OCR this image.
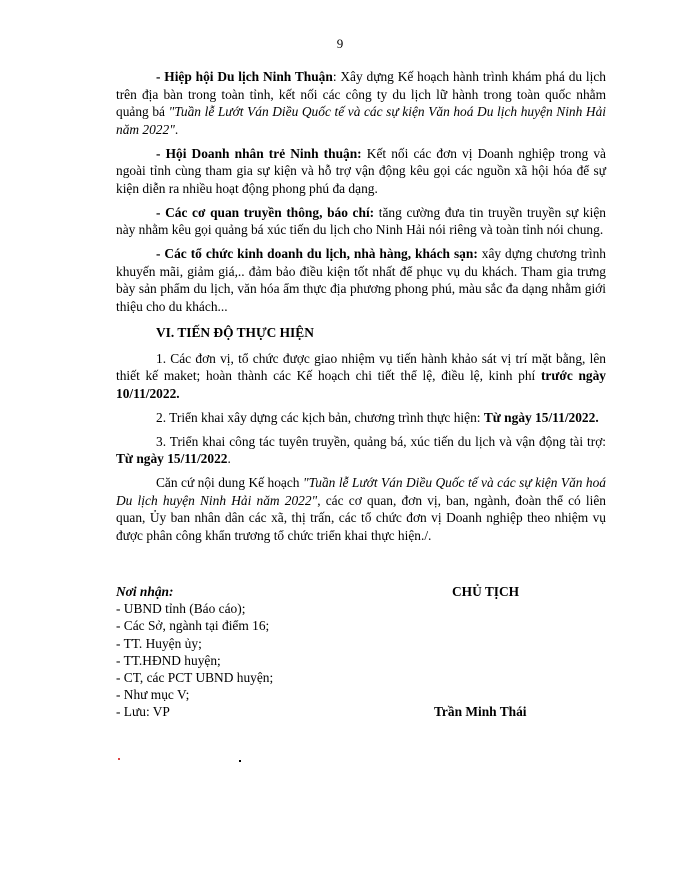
9

- Hiệp hội Du lịch Ninh Thuận: Xây dựng Kế hoạch hành trình khám phá du lịch trên địa bàn trong toàn tỉnh, kết nối các công ty du lịch lữ hành trong toàn quốc nhằm quảng bá "Tuần lễ Lướt Ván Diều Quốc tế và các sự kiện Văn hoá Du lịch huyện Ninh Hải năm 2022".

- Hội Doanh nhân trẻ Ninh thuận: Kết nối các đơn vị Doanh nghiệp trong và ngoài tỉnh cùng tham gia sự kiện và hỗ trợ vận động kêu gọi các nguồn xã hội hóa để sự kiện diễn ra nhiều hoạt động phong phú đa dạng.

- Các cơ quan truyền thông, báo chí: tăng cường đưa tin truyền truyền sự kiện này nhằm kêu gọi quảng bá xúc tiến du lịch cho Ninh Hải nói riêng và toàn tỉnh nói chung.

- Các tổ chức kinh doanh du lịch, nhà hàng, khách sạn: xây dựng chương trình khuyến mãi, giảm giá,.. đảm bảo điều kiện tốt nhất để phục vụ du khách. Tham gia trưng bày sản phẩm du lịch, văn hóa ẩm thực địa phương phong phú, màu sắc đa dạng nhằm giới thiệu cho du khách...

VI. TIẾN ĐỘ THỰC HIỆN

1. Các đơn vị, tổ chức được giao nhiệm vụ tiến hành khảo sát vị trí mặt bằng, lên thiết kế maket; hoàn thành các Kế hoạch chi tiết thể lệ, điều lệ, kinh phí trước ngày 10/11/2022.

2. Triển khai xây dựng các kịch bản, chương trình thực hiện: Từ ngày 15/11/2022.

3. Triển khai công tác tuyên truyền, quảng bá, xúc tiến du lịch và vận động tài trợ: Từ ngày 15/11/2022.

Căn cứ nội dung Kế hoạch "Tuần lễ Lướt Ván Diều Quốc tế và các sự kiện Văn hoá Du lịch huyện Ninh Hải năm 2022", các cơ quan, đơn vị, ban, ngành, đoàn thể có liên quan, Ủy ban nhân dân các xã, thị trấn, các tổ chức đơn vị Doanh nghiệp theo nhiệm vụ được phân công khẩn trương tổ chức triển khai thực hiện./.

Nơi nhận:
- UBND tỉnh (Báo cáo);
- Các Sở, ngành tại điểm 16;
- TT. Huyện ủy;
- TT.HĐND huyện;
- CT, các PCT UBND huyện;
- Như mục V;
- Lưu: VP
CHỦ TỊCH
Trần Minh Thái
